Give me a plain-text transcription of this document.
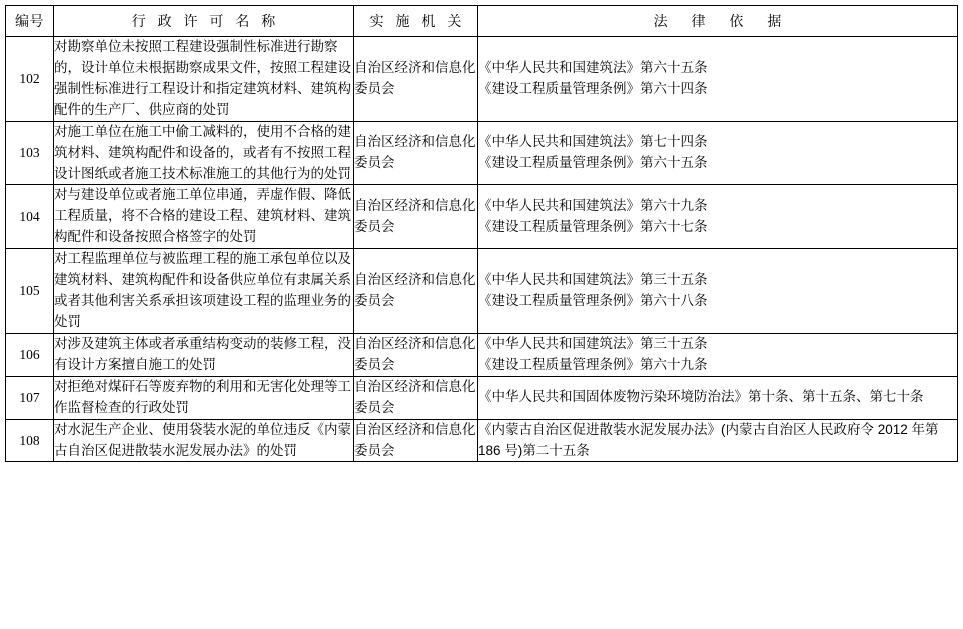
编号	行 政 许 可 名 称	实 施 机 关	法 律 依 据
102	对勘察单位未按照工程建设强制性标准进行勘察的，设计单位未根据勘察成果文件，按照工程建设强制性标准进行工程设计和指定建筑材料、建筑构配件的生产厂、供应商的处罚	自治区经济和信息化委员会	《中华人民共和国建筑法》第六十五条
《建设工程质量管理条例》第六十四条

103	对施工单位在施工中偷工减料的，使用不合格的建筑材料、建筑构配件和设备的，或者有不按照工程设计图纸或者施工技术标准施工的其他行为的处罚	自治区经济和信息化委员会	《中华人民共和国建筑法》第七十四条
《建设工程质量管理条例》第六十五条

104	对与建设单位或者施工单位串通，弄虚作假、降低工程质量，将不合格的建设工程、建筑材料、建筑构配件和设备按照合格签字的处罚	自治区经济和信息化委员会	《中华人民共和国建筑法》第六十九条
《建设工程质量管理条例》第六十七条

105	对工程监理单位与被监理工程的施工承包单位以及建筑材料、建筑构配件和设备供应单位有隶属关系或者其他利害关系承担该项建设工程的监理业务的处罚	自治区经济和信息化委员会	《中华人民共和国建筑法》第三十五条
《建设工程质量管理条例》第六十八条

106	对涉及建筑主体或者承重结构变动的装修工程，没有设计方案擅自施工的处罚	自治区经济和信息化委员会	《中华人民共和国建筑法》第三十五条
《建设工程质量管理条例》第六十九条

107	对拒绝对煤矸石等废弃物的利用和无害化处理等工作监督检查的行政处罚	自治区经济和信息化委员会	《中华人民共和国固体废物污染环境防治法》第十条、第十五条、第七十条

108	对水泥生产企业、使用袋装水泥的单位违反《内蒙古自治区促进散装水泥发展办法》的处罚	自治区经济和信息化委员会	《内蒙古自治区促进散装水泥发展办法》(内蒙古自治区人民政府令 2012 年第 186 号)第二十五条
